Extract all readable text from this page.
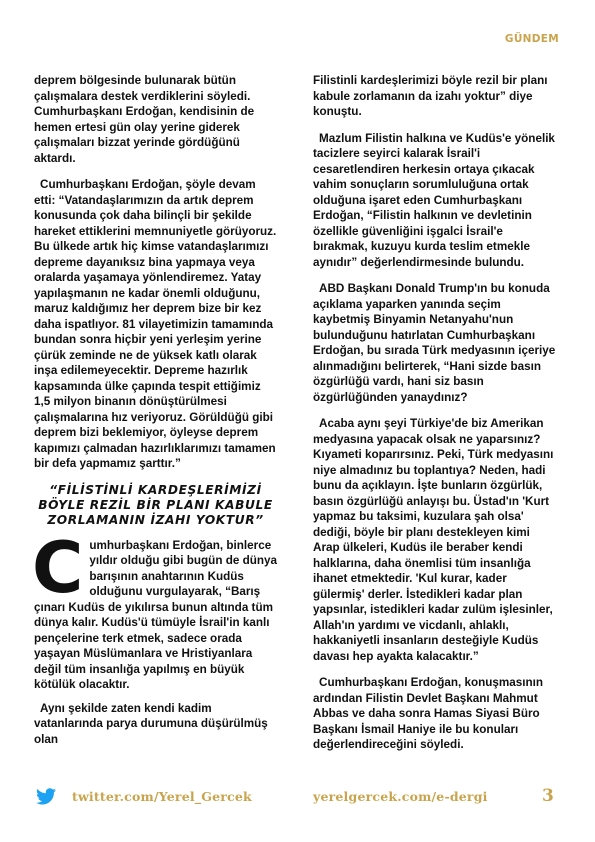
GÜNDEM

deprem bölgesinde bulunarak bütün çalışmalara destek verdiklerini söyledi. Cumhurbaşkanı Erdoğan, kendisinin de hemen ertesi gün olay yerine giderek çalışmaları bizzat yerinde gördüğünü aktardı.

Cumhurbaşkanı Erdoğan, şöyle devam etti: “Vatandaşlarımızın da artık deprem konusunda çok daha bilinçli bir şekilde hareket ettiklerini memnuniyetle görüyoruz. Bu ülkede artık hiç kimse vatandaşlarımızı depreme dayanıksız bina yapmaya veya oralarda yaşamaya yönlendiremez. Yatay yapılaşmanın ne kadar önemli olduğunu, maruz kaldığımız her deprem bize bir kez daha ispatlıyor. 81 vilayetimizin tamamında bundan sonra hiçbir yeni yerleşim yerine çürük zeminde ne de yüksek katlı olarak inşa edilemeyecektir. Depreme hazırlık kapsamında ülke çapında tespit ettiğimiz 1,5 milyon binanın dönüştürülmesi çalışmalarına hız veriyoruz. Görüldüğü gibi deprem bizi beklemiyor, öyleyse deprem kapımızı çalmadan hazırlıklarımızı tamamen bir defa yapmamız şarttır.”

“FİLİSTİNLİ KARDEŞLERİMİZİ BÖYLE REZİL BİR PLANI KABULE ZORLAMANIN İZAHI YOKTUR”
C umhurbaşkanı Erdoğan, binlerce yıldır olduğu gibi bugün de dünya barışının anahtarının Kudüs olduğunu vurgulayarak, “Barış çınarı Kudüs de yıkılırsa bunun altında tüm dünya kalır. Kudüs'ü tümüyle İsrail'in kanlı pençelerine terk etmek, sadece orada yaşayan Müslümanlara ve Hristiyanlara değil tüm insanlığa yapılmış en büyük kötülük olacaktır.

Aynı şekilde zaten kendi kadim vatanlarında parya durumuna düşürülmüş olan

Filistinli kardeşlerimizi böyle rezil bir planı kabule zorlamanın da izahı yoktur” diye konuştu.

Mazlum Filistin halkına ve Kudüs'e yönelik tacizlere seyirci kalarak İsrail'i cesaretlendiren herkesin ortaya çıkacak vahim sonuçların sorumluluğuna ortak olduğuna işaret eden Cumhurbaşkanı Erdoğan, “Filistin halkının ve devletinin özellikle güvenliğini işgalci İsrail'e bırakmak, kuzuyu kurda teslim etmekle aynıdır” değerlendirmesinde bulundu.

ABD Başkanı Donald Trump'ın bu konuda açıklama yaparken yanında seçim kaybetmiş Binyamin Netanyahu'nun bulunduğunu hatırlatan Cumhurbaşkanı Erdoğan, bu sırada Türk medyasının içeriye alınmadığını belirterek, “Hani sizde basın özgürlüğü vardı, hani siz basın özgürlüğünden yanaydınız?

Acaba aynı şeyi Türkiye'de biz Amerikan medyasına yapacak olsak ne yaparsınız? Kıyameti koparırsınız. Peki, Türk medyasını niye almadınız bu toplantıya? Neden, hadi bunu da açıklayın. İşte bunların özgürlük, basın özgürlüğü anlayışı bu. Üstad'ın 'Kurt yapmaz bu taksimi, kuzulara şah olsa' dediği, böyle bir planı destekleyen kimi Arap ülkeleri, Kudüs ile beraber kendi halklarına, daha önemlisi tüm insanlığa ihanet etmektedir. 'Kul kurar, kader gülermiş' derler. İstedikleri kadar plan yapsınlar, istedikleri kadar zulüm işlesinler, Allah'ın yardımı ve vicdanlı, ahlaklı, hakkaniyetli insanların desteğiyle Kudüs davası hep ayakta kalacaktır.”

Cumhurbaşkanı Erdoğan, konuşmasının ardından Filistin Devlet Başkanı Mahmut Abbas ve daha sonra Hamas Siyasi Büro Başkanı İsmail Haniye ile bu konuları değerlendireceğini söyledi.

twitter.com/Yerel_Gercek	yerelgercek.com/e-dergi	3
